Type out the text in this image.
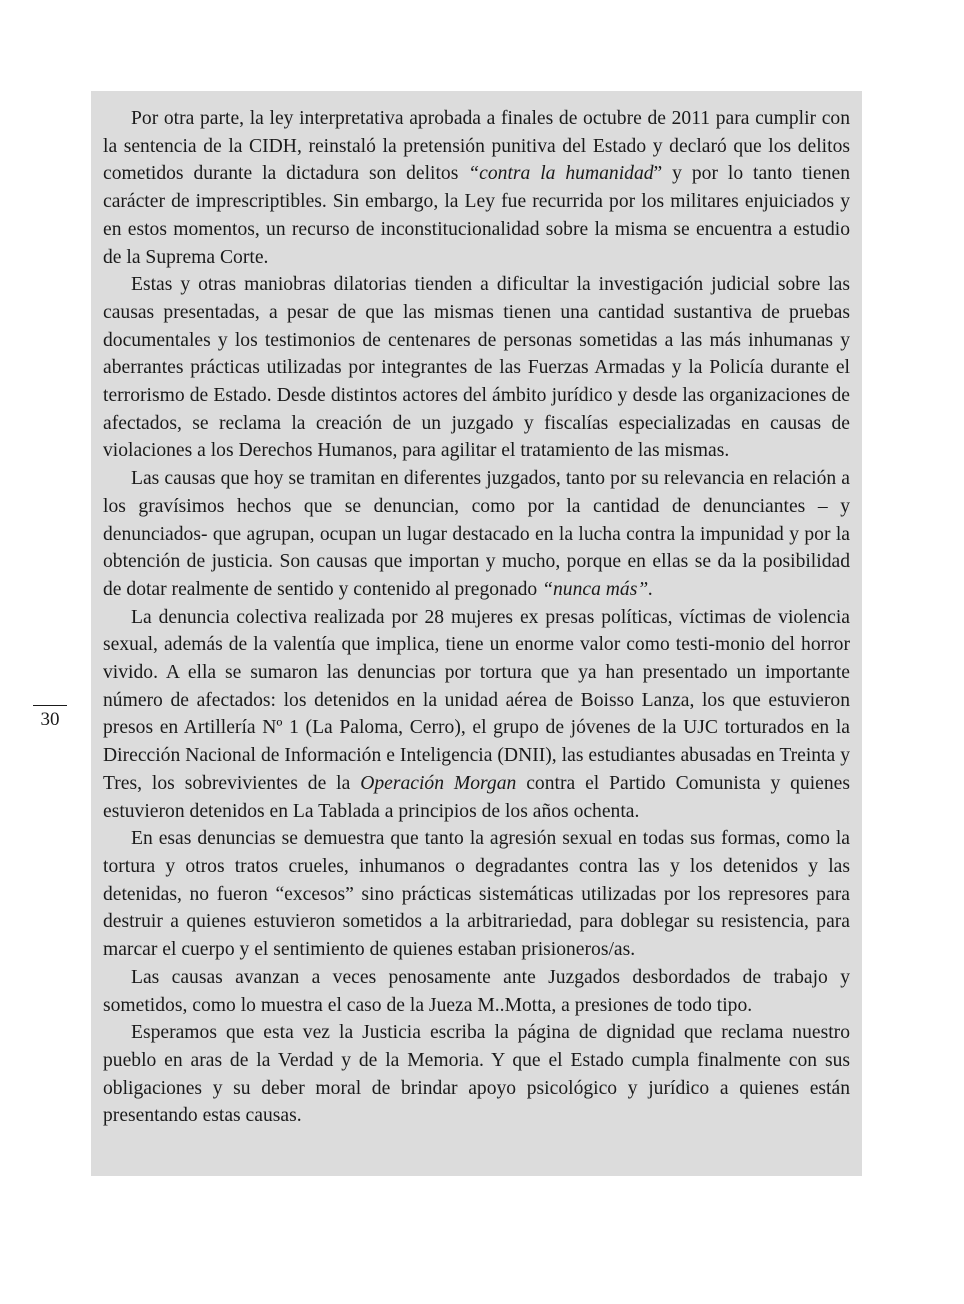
Por otra parte, la ley interpretativa aprobada a finales de octubre de 2011 para cumplir con la sentencia de la CIDH, reinstaló la pretensión punitiva del Estado y declaró que los delitos cometidos durante la dictadura son delitos “contra la humanidad” y por lo tanto tienen carácter de imprescriptibles. Sin embargo, la Ley fue recurrida por los militares enjuiciados y en estos momentos, un recurso de inconstitucionalidad sobre la misma se encuentra a estudio de la Suprema Corte.

Estas y otras maniobras dilatorias tienden a dificultar la investigación judicial sobre las causas presentadas, a pesar de que las mismas tienen una cantidad sustantiva de pruebas documentales y los testimonios de centenares de personas sometidas a las más inhumanas y aberrantes prácticas utilizadas por integrantes de las Fuerzas Armadas y la Policía durante el terrorismo de Estado. Desde distintos actores del ámbito jurídico y desde las organizaciones de afectados, se reclama la creación de un juzgado y fiscalías especializadas en causas de violaciones a los Derechos Humanos, para agilitar el tratamiento de las mismas.

Las causas que hoy se tramitan en diferentes juzgados, tanto por su relevancia en relación a los gravísimos hechos que se denuncian, como por la cantidad de denunciantes – y denunciados- que agrupan, ocupan un lugar destacado en la lucha contra la impunidad y por la obtención de justicia. Son causas que importan y mucho, porque en ellas se da la posibilidad de dotar realmente de sentido y contenido al pregonado “nunca más”.

La denuncia colectiva realizada por 28 mujeres ex presas políticas, víctimas de violencia sexual, además de la valentía que implica, tiene un enorme valor como testi-monio del horror vivido. A ella se sumaron las denuncias por tortura que ya han presentado un importante número de afectados: los detenidos en la unidad aérea de Boisso Lanza, los que estuvieron presos en Artillería Nº 1 (La Paloma, Cerro), el grupo de jóvenes de la UJC torturados en la Dirección Nacional de Información e Inteligencia (DNII), las estudiantes abusadas en Treinta y Tres, los sobrevivientes de la Operación Morgan contra el Partido Comunista y quienes estuvieron detenidos en La Tablada a principios de los años ochenta.

En esas denuncias se demuestra que tanto la agresión sexual en todas sus formas, como la tortura y otros tratos crueles, inhumanos o degradantes contra las y los detenidos y las detenidas, no fueron “excesos” sino prácticas sistemáticas utilizadas por los represores para destruir a quienes estuvieron sometidos a la arbitrariedad, para doblegar su resistencia, para marcar el cuerpo y el sentimiento de quienes estaban prisioneros/as.

Las causas avanzan a veces penosamente ante Juzgados desbordados de trabajo y sometidos, como lo muestra el caso de la Jueza M..Motta, a presiones de todo tipo.

Esperamos que esta vez la Justicia escriba la página de dignidad que reclama nuestro pueblo en aras de la Verdad y de la Memoria. Y que el Estado cumpla finalmente con sus obligaciones y su deber moral de brindar apoyo psicológico y jurídico a quienes están presentando estas causas.

30
